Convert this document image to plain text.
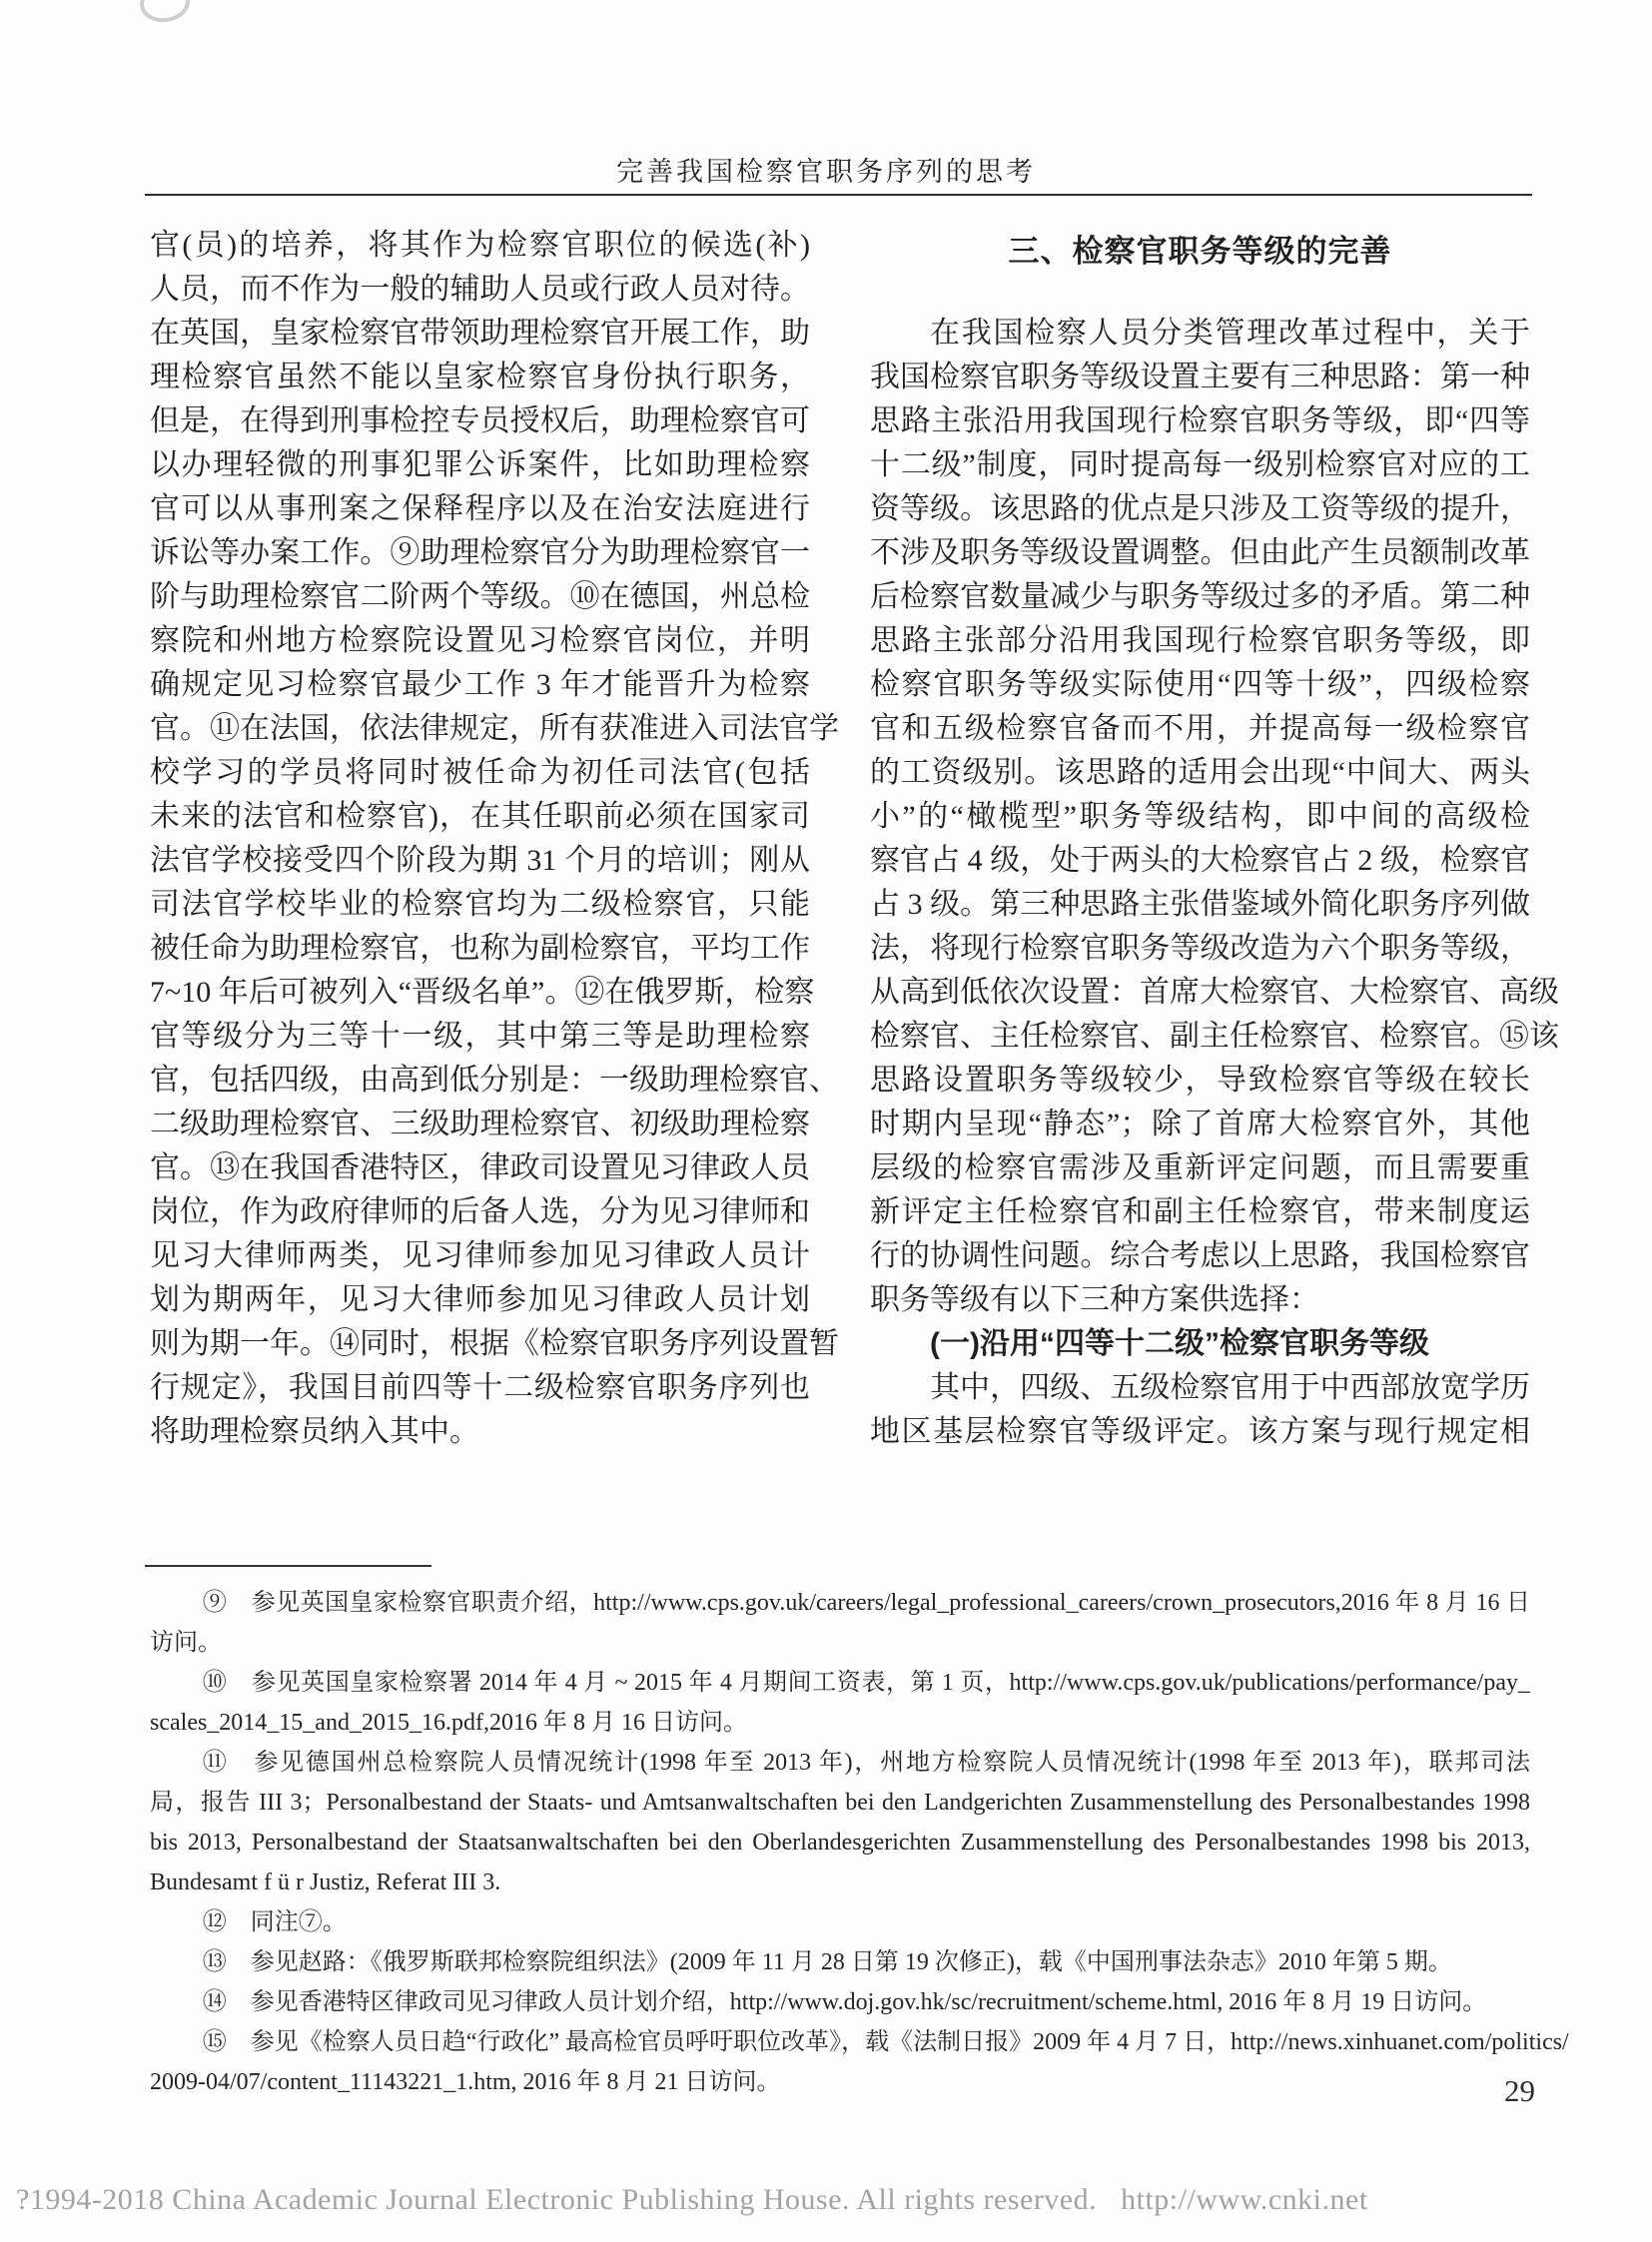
完善我国检察官职务序列的思考
官(员)的培养，将其作为检察官职位的候选(补)
人员，而不作为一般的辅助人员或行政人员对待。
在英国，皇家检察官带领助理检察官开展工作，助
理检察官虽然不能以皇家检察官身份执行职务，
但是，在得到刑事检控专员授权后，助理检察官可
以办理轻微的刑事犯罪公诉案件，比如助理检察
官可以从事刑案之保释程序以及在治安法庭进行
诉讼等办案工作。⑨助理检察官分为助理检察官一
阶与助理检察官二阶两个等级。⑩在德国，州总检
察院和州地方检察院设置见习检察官岗位，并明
确规定见习检察官最少工作 3 年才能晋升为检察
官。⑪在法国，依法律规定，所有获准进入司法官学
校学习的学员将同时被任命为初任司法官(包括
未来的法官和检察官)，在其任职前必须在国家司
法官学校接受四个阶段为期 31 个月的培训；刚从
司法官学校毕业的检察官均为二级检察官，只能
被任命为助理检察官，也称为副检察官，平均工作
7~10 年后可被列入“晋级名单”。⑫在俄罗斯，检察
官等级分为三等十一级，其中第三等是助理检察
官，包括四级，由高到低分别是：一级助理检察官、
二级助理检察官、三级助理检察官、初级助理检察
官。⑬在我国香港特区，律政司设置见习律政人员
岗位，作为政府律师的后备人选，分为见习律师和
见习大律师两类，见习律师参加见习律政人员计
划为期两年，见习大律师参加见习律政人员计划
则为期一年。⑭同时，根据《检察官职务序列设置暂
行规定》，我国目前四等十二级检察官职务序列也
将助理检察员纳入其中。
三、检察官职务等级的完善
在我国检察人员分类管理改革过程中，关于
我国检察官职务等级设置主要有三种思路：第一种
思路主张沿用我国现行检察官职务等级，即“四等
十二级”制度，同时提高每一级别检察官对应的工
资等级。该思路的优点是只涉及工资等级的提升，
不涉及职务等级设置调整。但由此产生员额制改革
后检察官数量减少与职务等级过多的矛盾。第二种
思路主张部分沿用我国现行检察官职务等级，即
检察官职务等级实际使用“四等十级”，四级检察
官和五级检察官备而不用，并提高每一级检察官
的工资级别。该思路的适用会出现“中间大、两头
小”的“橄榄型”职务等级结构，即中间的高级检
察官占 4 级，处于两头的大检察官占 2 级，检察官
占 3 级。第三种思路主张借鉴域外简化职务序列做
法，将现行检察官职务等级改造为六个职务等级，
从高到低依次设置：首席大检察官、大检察官、高级
检察官、主任检察官、副主任检察官、检察官。⑮该
思路设置职务等级较少，导致检察官等级在较长
时期内呈现“静态”；除了首席大检察官外，其他
层级的检察官需涉及重新评定问题，而且需要重
新评定主任检察官和副主任检察官，带来制度运
行的协调性问题。综合考虑以上思路，我国检察官
职务等级有以下三种方案供选择：
(一)沿用“四等十二级”检察官职务等级
其中，四级、五级检察官用于中西部放宽学历
地区基层检察官等级评定。该方案与现行规定相
⑨　参见英国皇家检察官职责介绍，http://www.cps.gov.uk/careers/legal_professional_careers/crown_prosecutors,2016 年 8 月 16 日
访问。
⑩　参见英国皇家检察署 2014 年 4 月 ~ 2015 年 4 月期间工资表，第 1 页，http://www.cps.gov.uk/publications/performance/pay_
scales_2014_15_and_2015_16.pdf,2016 年 8 月 16 日访问。
⑪　参见德国州总检察院人员情况统计(1998 年至 2013 年)，州地方检察院人员情况统计(1998 年至 2013 年)，联邦司法
局，报告 III 3；Personalbestand der Staats- und Amtsanwaltschaften bei den Landgerichten Zusammenstellung des Personalbestandes 1998
bis 2013, Personalbestand der Staatsanwaltschaften bei den Oberlandesgerichten Zusammenstellung des Personalbestandes 1998 bis 2013,
Bundesamt f ü r Justiz, Referat III 3.
⑫　同注⑦。
⑬　参见赵路：《俄罗斯联邦检察院组织法》(2009 年 11 月 28 日第 19 次修正)，载《中国刑事法杂志》2010 年第 5 期。
⑭　参见香港特区律政司见习律政人员计划介绍，http://www.doj.gov.hk/sc/recruitment/scheme.html, 2016 年 8 月 19 日访问。
⑮　参见《检察人员日趋“行政化” 最高检官员呼吁职位改革》，载《法制日报》2009 年 4 月 7 日，http://news.xinhuanet.com/politics/
2009-04/07/content_11143221_1.htm, 2016 年 8 月 21 日访问。	29
?1994-2018 China Academic Journal Electronic Publishing House. All rights reserved.   http://www.cnki.net
